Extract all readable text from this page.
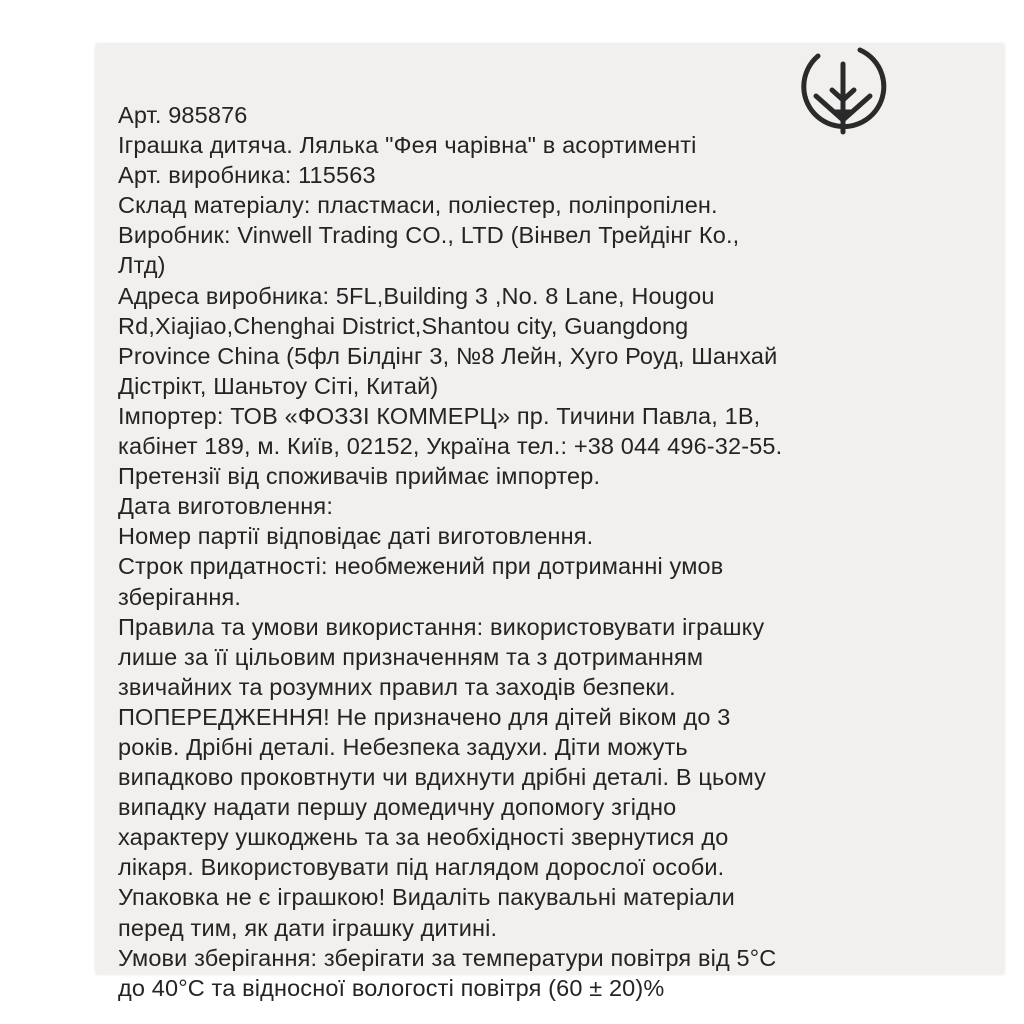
Арт. 985876
Іграшка дитяча. Лялька "Фея чарівна" в асортименті
Арт. виробника: 115563
Склад матеріалу: пластмаси, поліестер, поліпропілен.
Виробник: Vinwell Trading CO., LTD (Вінвел Трейдінг Ко.,
Лтд)
Адреса виробника: 5FL,Building 3 ,No. 8 Lane, Hougou
Rd,Xiajiao,Chenghai District,Shantou city, Guangdong
Province China (5фл Білдінг 3, №8 Лейн, Хуго Роуд, Шанхай
Дістрікт, Шаньтоу Сіті, Китай)
Імпортер: ТОВ «ФОЗЗІ КОММЕРЦ» пр. Тичини Павла, 1В,
кабінет 189, м. Київ, 02152, Україна тел.: +38 044 496-32-55.
Претензії від споживачів приймає імпортер.
Дата виготовлення:
Номер партії відповідає даті виготовлення.
Строк придатності: необмежений при дотриманні умов
зберігання.
Правила та умови використання: використовувати іграшку
лише за її цільовим призначенням та з дотриманням
звичайних та розумних правил та заходів безпеки.
ПОПЕРЕДЖЕННЯ! Не призначено для дітей віком до 3
років. Дрібні деталі. Небезпека задухи. Діти можуть
випадково проковтнути чи вдихнути дрібні деталі. В цьому
випадку надати першу домедичну допомогу згідно
характеру ушкоджень та за необхідності звернутися до
лікаря. Використовувати під наглядом дорослої особи.
Упаковка не є іграшкою! Видаліть пакувальні матеріали
перед тим, як дати іграшку дитині.
Умови зберігання: зберігати за температури повітря від 5°С
до 40°С та відносної вологості повітря (60 ± 20)%
